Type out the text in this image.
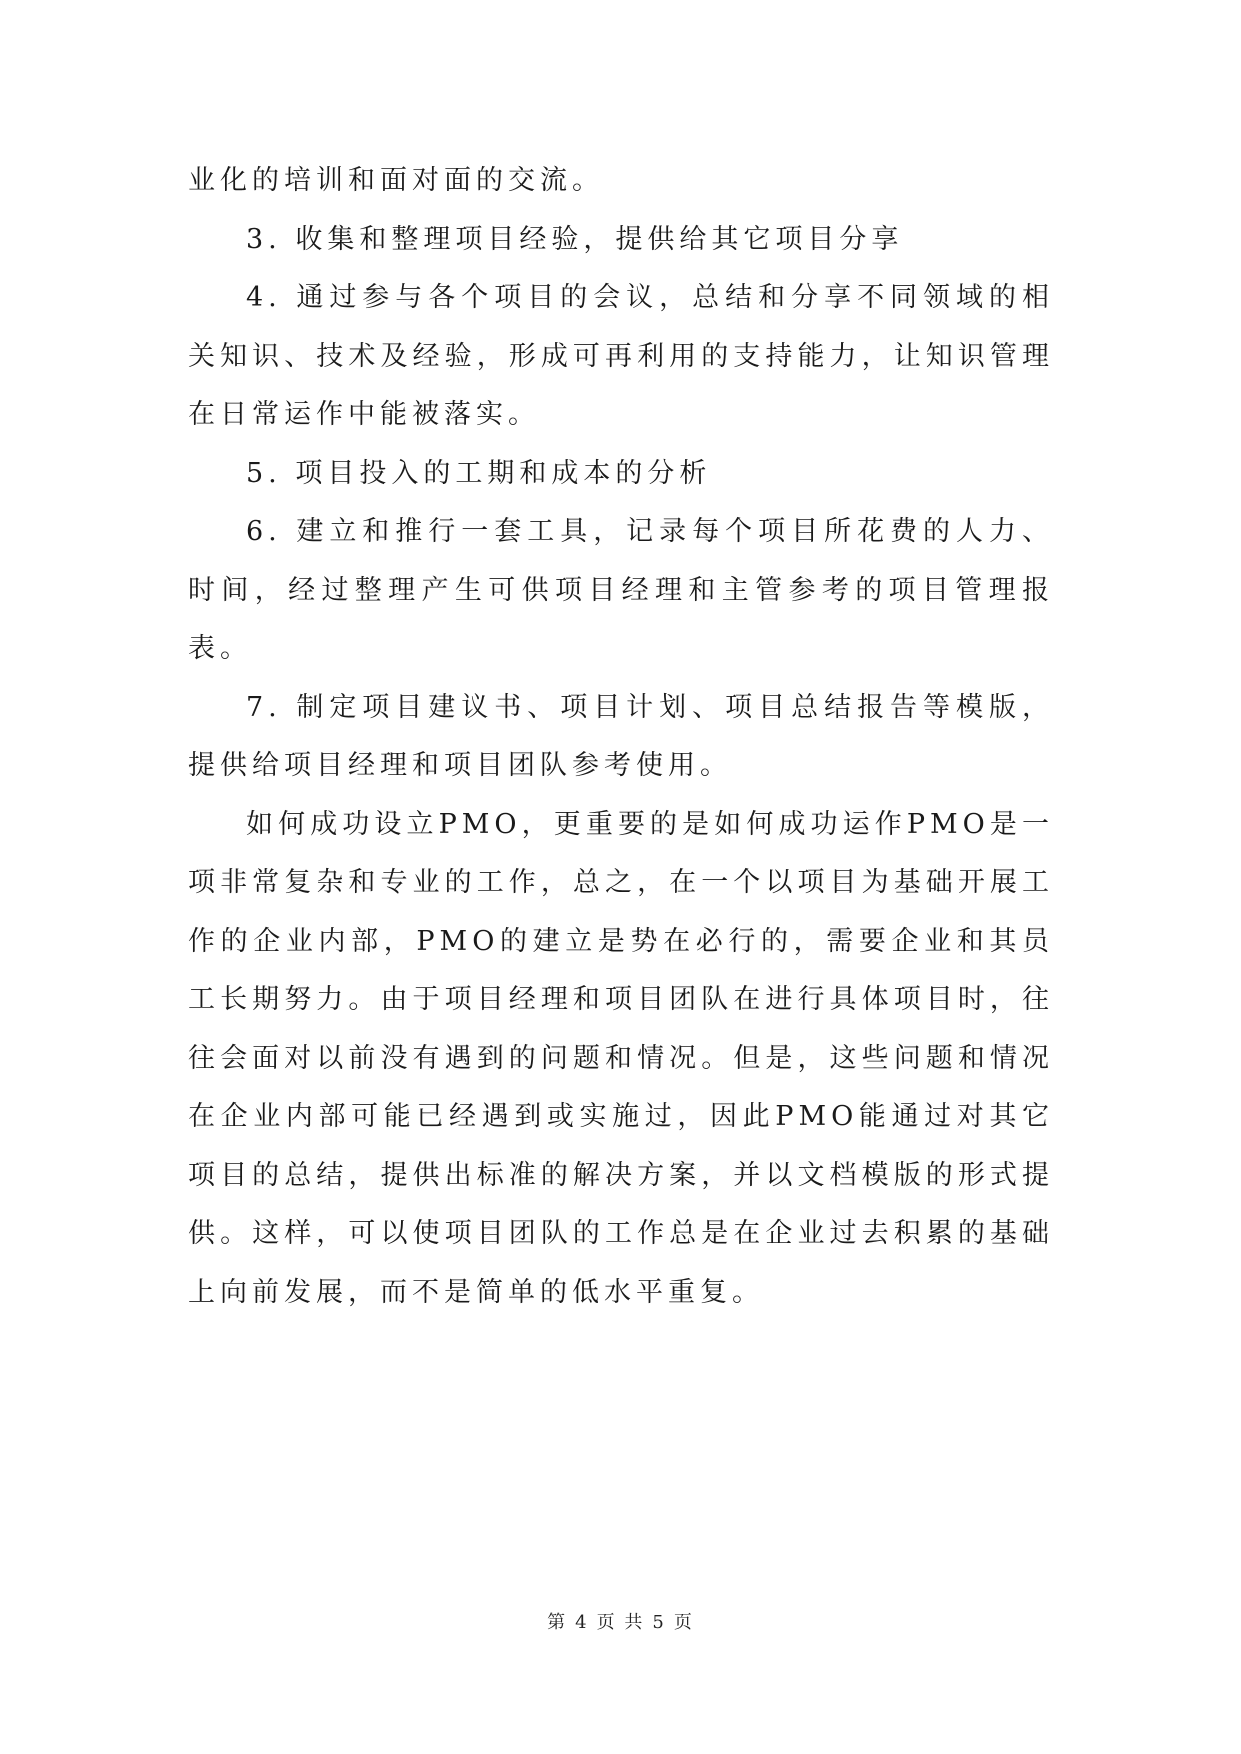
业化的培训和面对面的交流。

3. 收集和整理项目经验，提供给其它项目分享

4. 通过参与各个项目的会议，总结和分享不同领域的相关知识、技术及经验，形成可再利用的支持能力，让知识管理在日常运作中能被落实。

5. 项目投入的工期和成本的分析

6. 建立和推行一套工具，记录每个项目所花费的人力、时间，经过整理产生可供项目经理和主管参考的项目管理报表。

7. 制定项目建议书、项目计划、项目总结报告等模版，提供给项目经理和项目团队参考使用。

如何成功设立PMO，更重要的是如何成功运作PMO是一项非常复杂和专业的工作，总之，在一个以项目为基础开展工作的企业内部，PMO的建立是势在必行的，需要企业和其员工长期努力。由于项目经理和项目团队在进行具体项目时，往往会面对以前没有遇到的问题和情况。但是，这些问题和情况在企业内部可能已经遇到或实施过，因此PMO能通过对其它项目的总结，提供出标准的解决方案，并以文档模版的形式提供。这样，可以使项目团队的工作总是在企业过去积累的基础上向前发展，而不是简单的低水平重复。

第 4 页 共 5 页
